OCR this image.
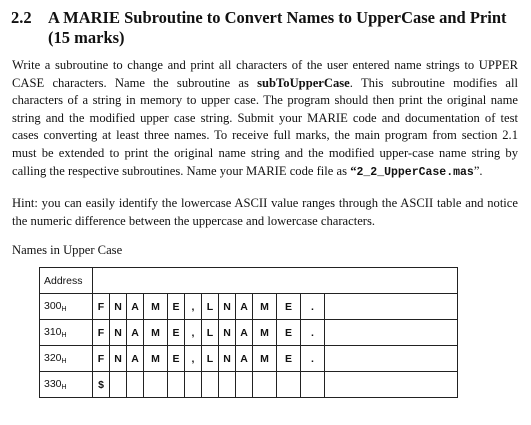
2.2 A MARIE Subroutine to Convert Names to UpperCase and Print (15 marks)
Write a subroutine to change and print all characters of the user entered name strings to UPPER CASE characters. Name the subroutine as subToUpperCase. This subroutine modifies all characters of a string in memory to upper case. The program should then print the original name string and the modified upper case string. Submit your MARIE code and documentation of test cases converting at least three names. To receive full marks, the main program from section 2.1 must be extended to print the original name string and the modified upper-case name string by calling the respective subroutines. Name your MARIE code file as “2_2_UpperCase.mas”.
Hint: you can easily identify the lowercase ASCII value ranges through the ASCII table and notice the numeric difference between the uppercase and lowercase characters.
Names in Upper Case
Address													
$300_H$	F	N	A	M	E	,	L	N	A	M	E	.	
$310_H$	F	N	A	M	E	,	L	N	A	M	E	.	
$320_H$	F	N	A	M	E	,	L	N	A	M	E	.	
$330_H$	$												
